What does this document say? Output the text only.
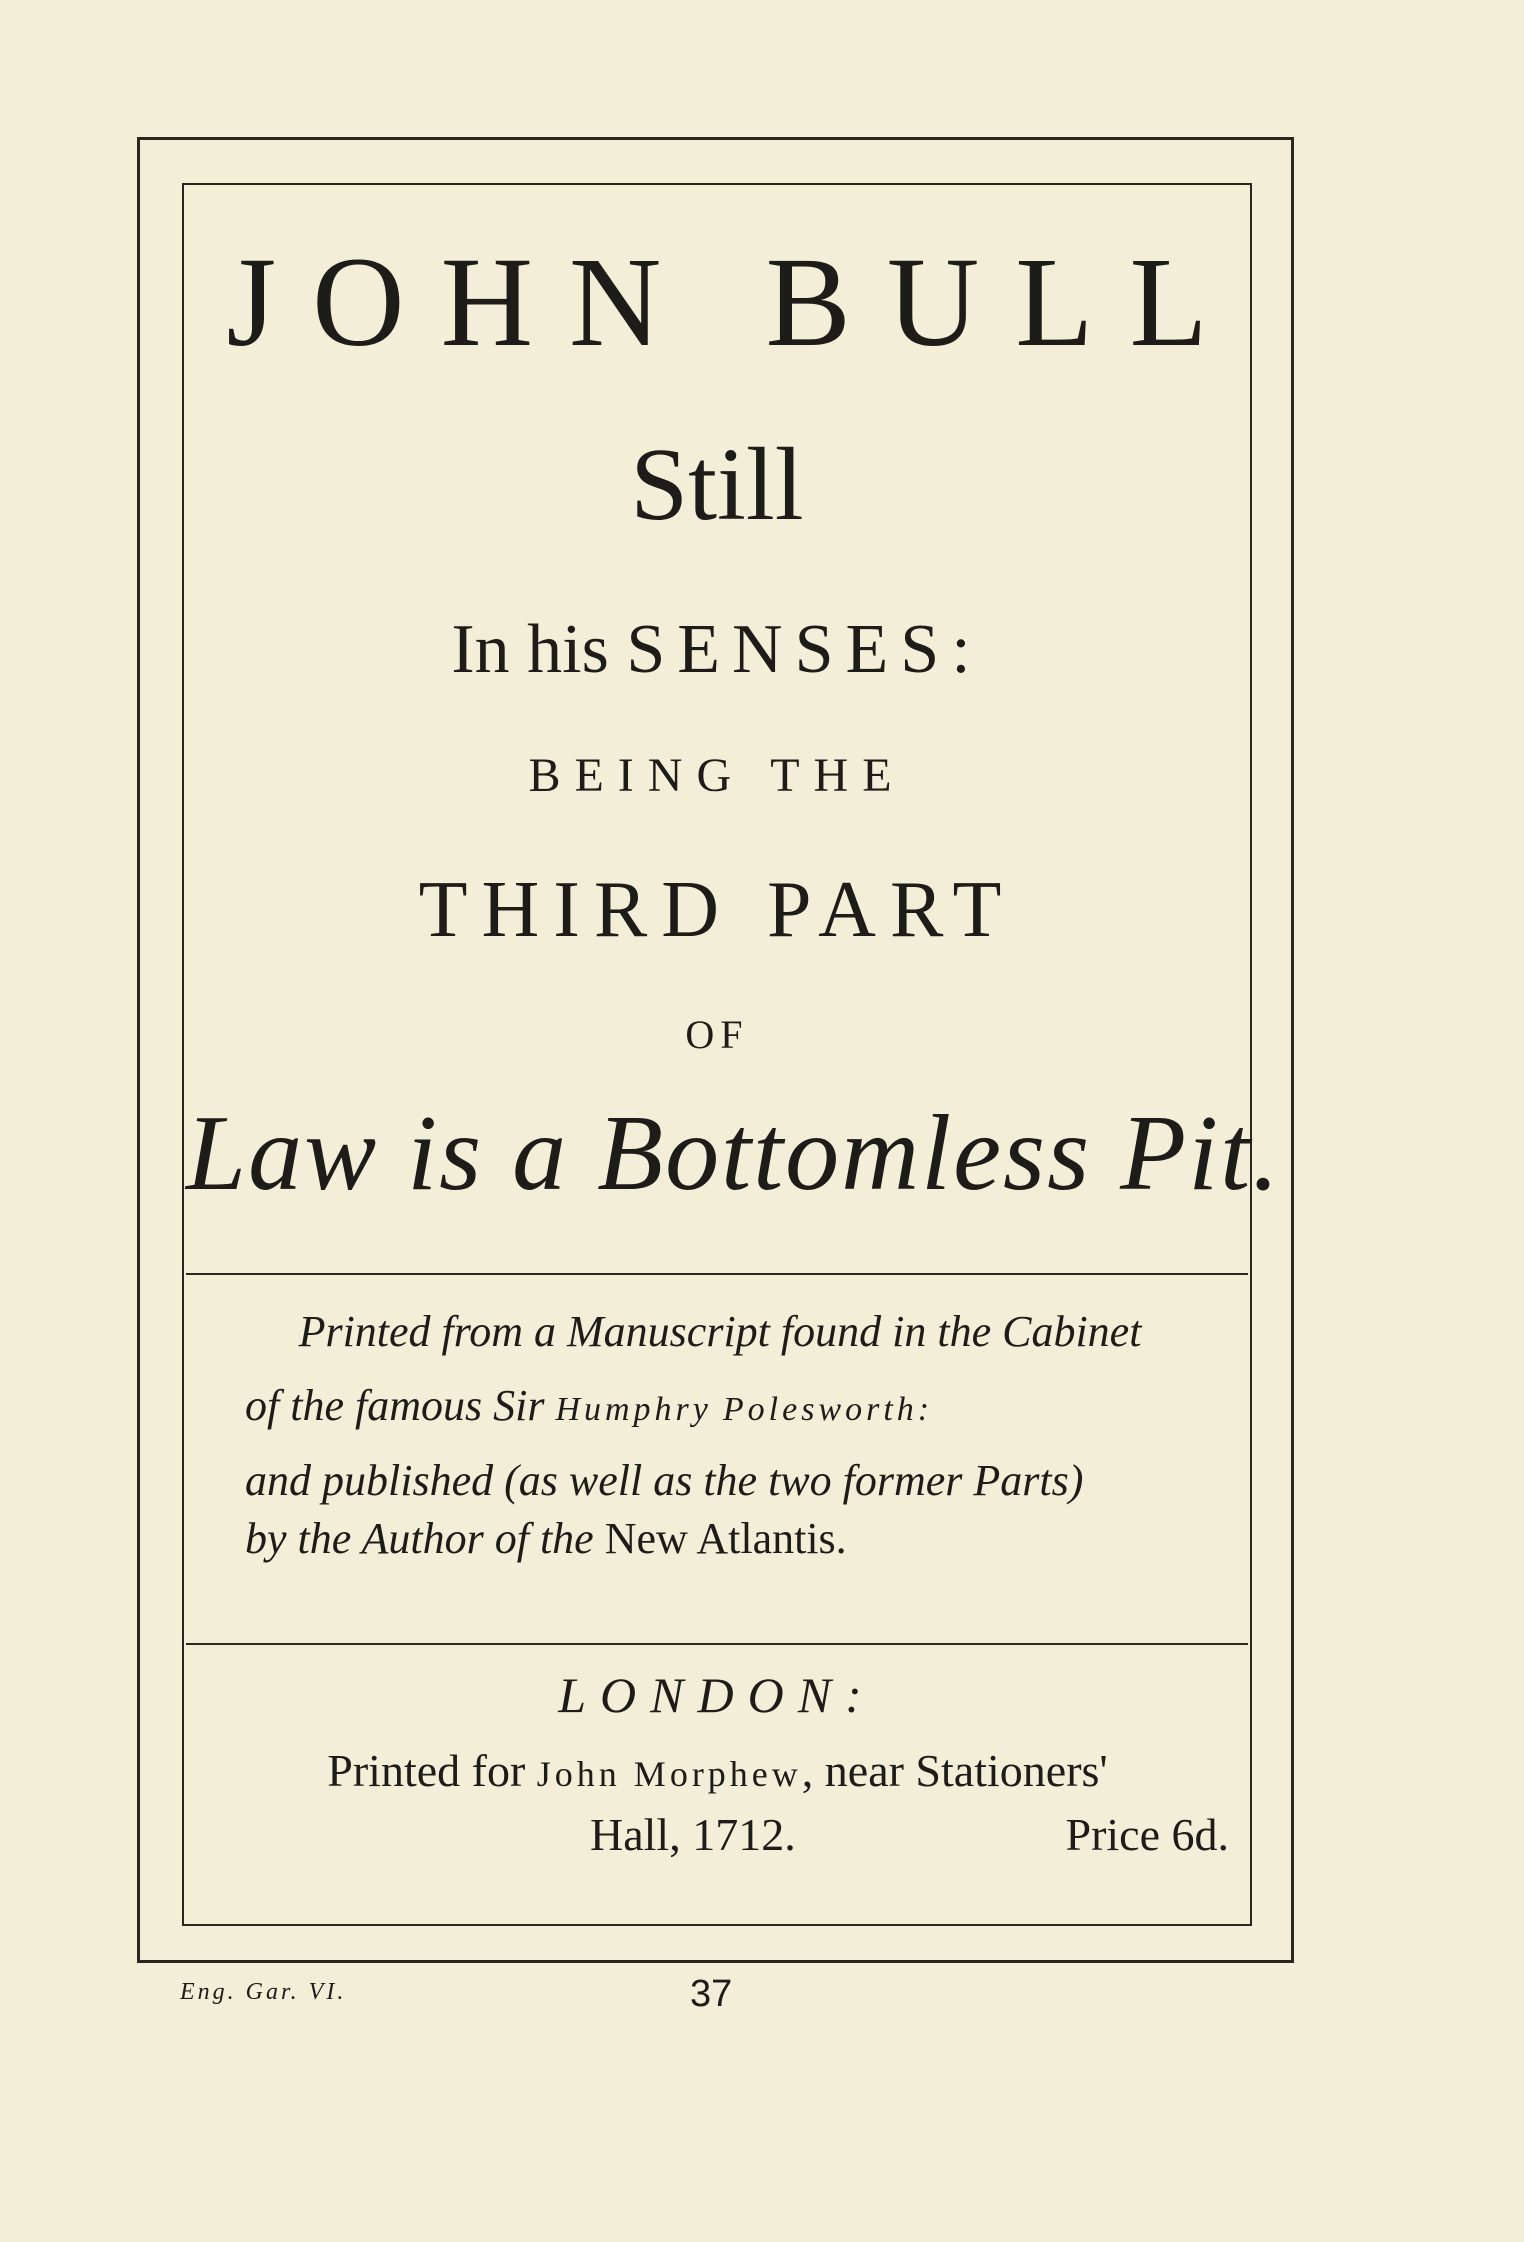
JOHN BULL

Still

In his SENSES:

BEING THE

THIRD PART

OF

Law is a Bottomless Pit.

Printed from a Manuscript found in the Cabinet

of the famous Sir Humphry Polesworth:

and published (as well as the two former Parts)

by the Author of the New Atlantis.

LONDON:

Printed for John Morphew, near Stationers'

Hall, 1712.	Price 6d.

Eng. Gar. VI.	37
